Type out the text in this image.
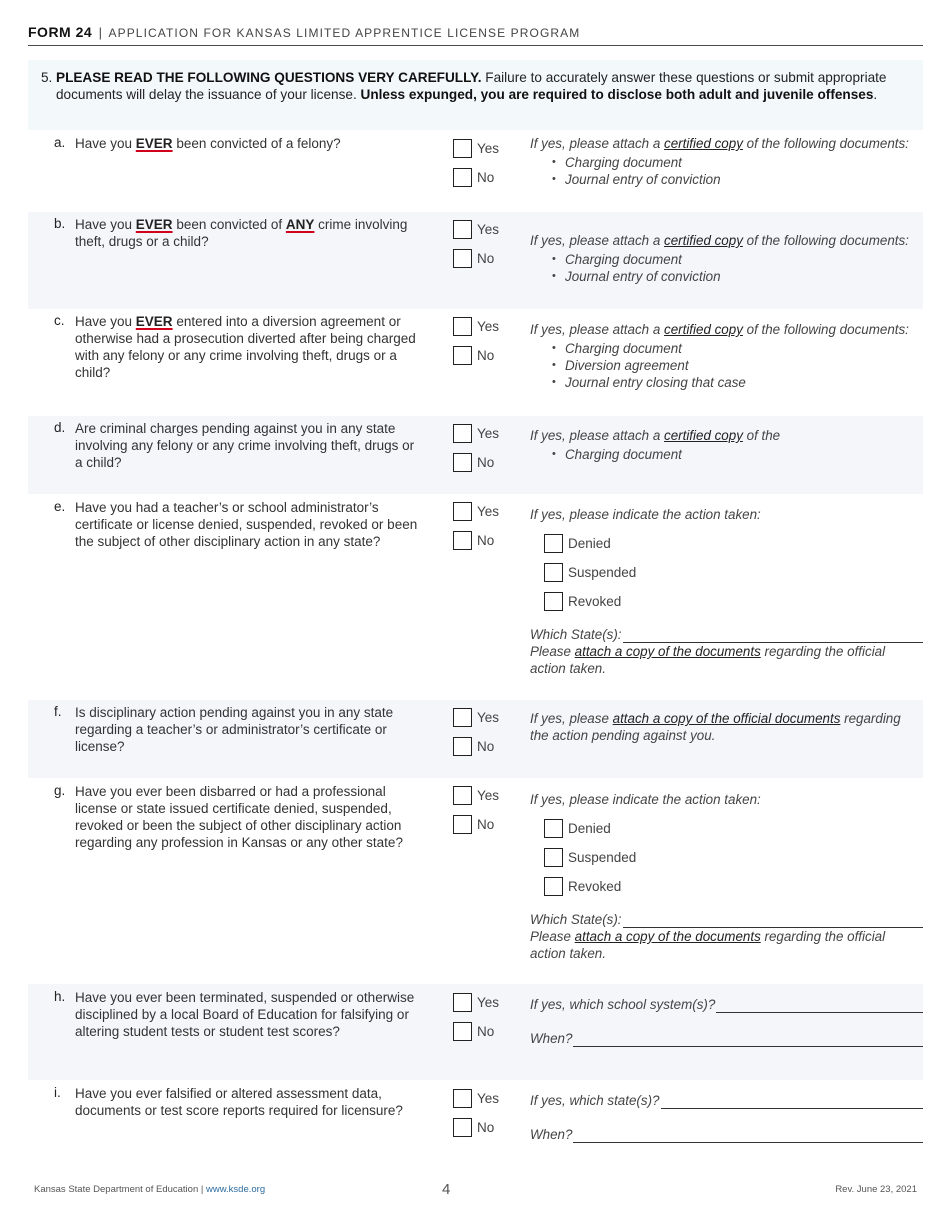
FORM 24 | APPLICATION FOR KANSAS LIMITED APPRENTICE LICENSE PROGRAM
5. PLEASE READ THE FOLLOWING QUESTIONS VERY CAREFULLY. Failure to accurately answer these questions or submit appropriate documents will delay the issuance of your license. Unless expunged, you are required to disclose both adult and juvenile offenses.
a. Have you EVER been convicted of a felony?	Yes
No
If yes, please attach a certified copy of the following documents:
• Charging document
• Journal entry of conviction
b. Have you EVER been convicted of ANY crime involving theft, drugs or a child?
Yes
No
If yes, please attach a certified copy of the following documents:
• Charging document
• Journal entry of conviction
c. Have you EVER entered into a diversion agreement or otherwise had a prosecution diverted after being charged with any felony or any crime involving theft, drugs or a child?
Yes
No
If yes, please attach a certified copy of the following documents:
• Charging document
• Diversion agreement
• Journal entry closing that case
d. Are criminal charges pending against you in any state involving any felony or any crime involving theft, drugs or a child?
Yes
No
If yes, please attach a certified copy of the
• Charging document
e. Have you had a teacher’s or school administrator’s certificate or license denied, suspended, revoked or been the subject of other disciplinary action in any state?
Yes
No
If yes, please indicate the action taken:
Denied
Suspended
Revoked
Which State(s):
Please attach a copy of the documents regarding the official action taken.
f. Is disciplinary action pending against you in any state regarding a teacher’s or administrator’s certificate or license?
Yes
No
If yes, please attach a copy of the official documents regarding the action pending against you.
g. Have you ever been disbarred or had a professional license or state issued certificate denied, suspended, revoked or been the subject of other disciplinary action regarding any profession in Kansas or any other state?
Yes
No
If yes, please indicate the action taken:
Denied
Suspended
Revoked
Which State(s):
Please attach a copy of the documents regarding the official action taken.
h. Have you ever been terminated, suspended or otherwise disciplined by a local Board of Education for falsifying or altering student tests or student test scores?
Yes
No
If yes, which school system(s)?
When?
i. Have you ever falsified or altered assessment data, documents or test score reports required for licensure?
Yes
No
If yes, which state(s)?
When?
Kansas State Department of Education | www.ksde.org	4	Rev. June 23, 2021
